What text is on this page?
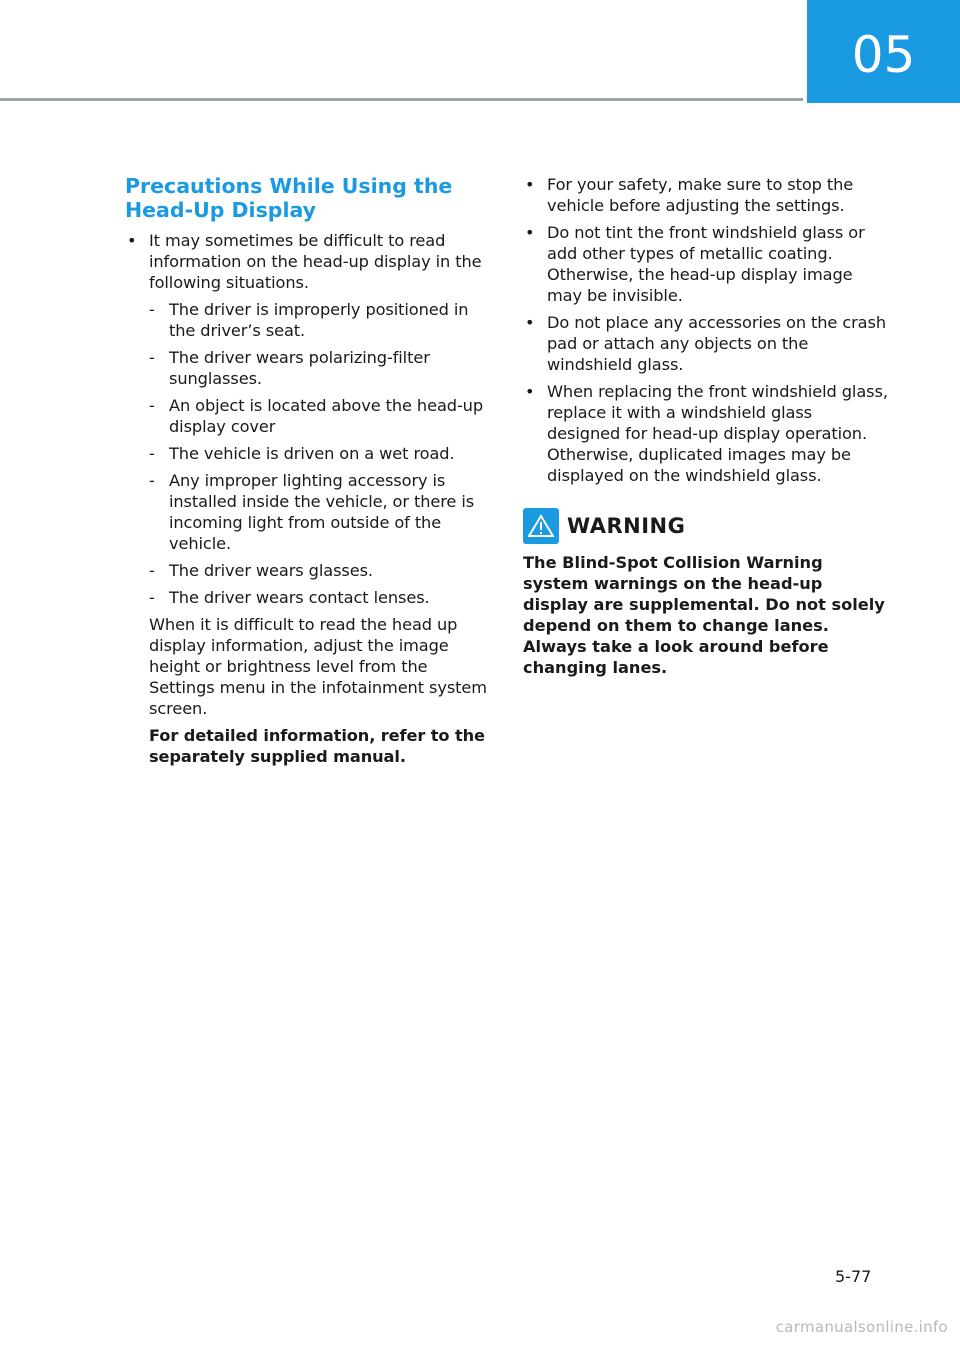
05
Precautions While Using the
Head-Up Display
• It may sometimes be difficult to read information on the head-up display in the following situations.
- The driver is improperly positioned in the driver’s seat.
- The driver wears polarizing-filter sunglasses.
- An object is located above the head-up display cover
- The vehicle is driven on a wet road.
- Any improper lighting accessory is installed inside the vehicle, or there is incoming light from outside of the vehicle.
- The driver wears glasses.
- The driver wears contact lenses.
When it is difficult to read the head up display information, adjust the image height or brightness level from the Settings menu in the infotainment system screen.
For detailed information, refer to the separately supplied manual.
• For your safety, make sure to stop the vehicle before adjusting the settings.
• Do not tint the front windshield glass or add other types of metallic coating. Otherwise, the head-up display image may be invisible.
• Do not place any accessories on the crash pad or attach any objects on the windshield glass.
• When replacing the front windshield glass, replace it with a windshield glass designed for head-up display operation. Otherwise, duplicated images may be displayed on the windshield glass.
WARNING
The Blind-Spot Collision Warning system warnings on the head-up display are supplemental. Do not solely depend on them to change lanes. Always take a look around before changing lanes.
5-77
carmanualsonline.info
